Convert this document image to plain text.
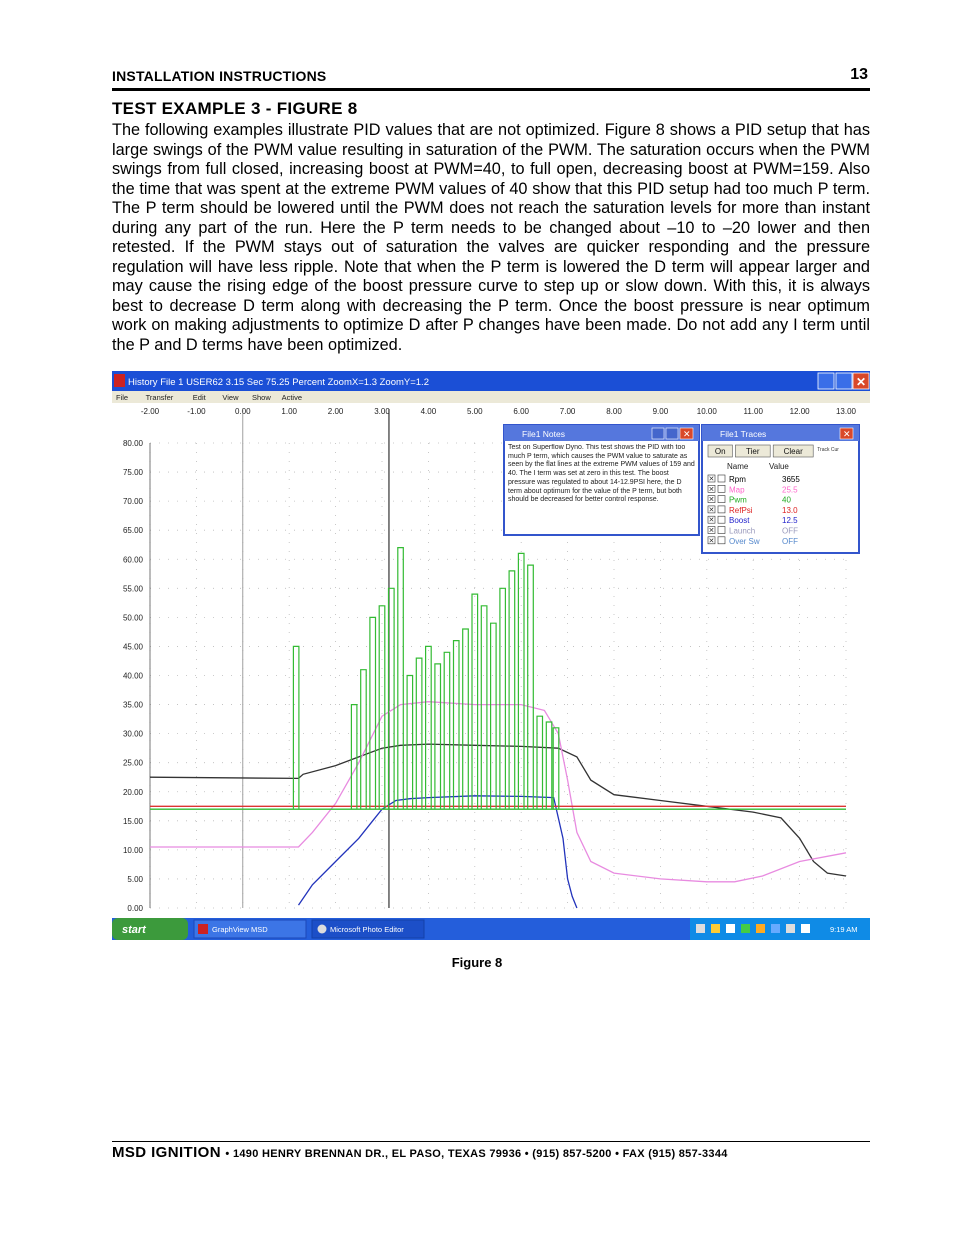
INSTALLATION INSTRUCTIONS	13
TEST EXAMPLE 3 - FIGURE 8
The following examples illustrate PID values that are not optimized. Figure 8 shows a PID setup that has large swings of the PWM value resulting in saturation of the PWM. The saturation occurs when the PWM swings from full closed, increasing boost at PWM=40, to full open, decreasing boost at PWM=159. Also the time that was spent at the extreme PWM values of 40 show that this PID setup had too much P term. The P term should be lowered until the PWM does not reach the saturation levels for more than instant during any part of the run. Here the P term needs to be changed about –10 to –20 lower and then retested. If the PWM stays out of saturation the valves are quicker responding and the pressure regulation will have less ripple. Note that when the P term is lowered the D term will appear larger and may cause the rising edge of the boost pressure curve to step up or slow down. With this, it is always best to decrease D term along with decreasing the P term. Once the boost pressure is near optimum work on making adjustments to optimize D after P changes have been made. Do not add any I term until the P and D terms have been optimized.
History File 1 USER62 3.15 Sec 75.25 Percent ZoomX=1.3 ZoomY=1.2	✕
File Transfer	Edit View Show Active
-2.00	-1.00	0.00	1.00	2.00	3.00	4.00	5.00	6.00	7.00	8.00	9.00	10.00	11.00	12.00	13.00
80.00
75.00
70.00
65.00
60.00
55.00
50.00
45.00
40.00
35.00
30.00
25.00
20.00
15.00
10.00
5.00
0.00
File1 Notes	✕
Test on Superflow Dyno. This test shows the PID with too much P term, which causes the PWM value to saturate as seen by the flat lines at the extreme PWM values of 159 and 40. The I term was set at zero in this test. The boost pressure was regulated to about 14-12.9PSI here, the D term about optimum for the value of the P term, but both should be decreased for better control response.
File1 Traces	✕
On	Tier	Clear	Track Cur
Name	Value
✕ Rpm	3655
✕ Map	25.5
✕ Pwm	40
✕ RefPsi	13.0
✕ Boost	12.5
✕ Launch	OFF
✕ Over Sw	OFF
start	GraphView MSD	Microsoft Photo Editor	9:19 AM
Figure 8
MSD IGNITION • 1490 HENRY BRENNAN DR., EL PASO, TEXAS 79936 • (915) 857-5200 • FAX (915) 857-3344
